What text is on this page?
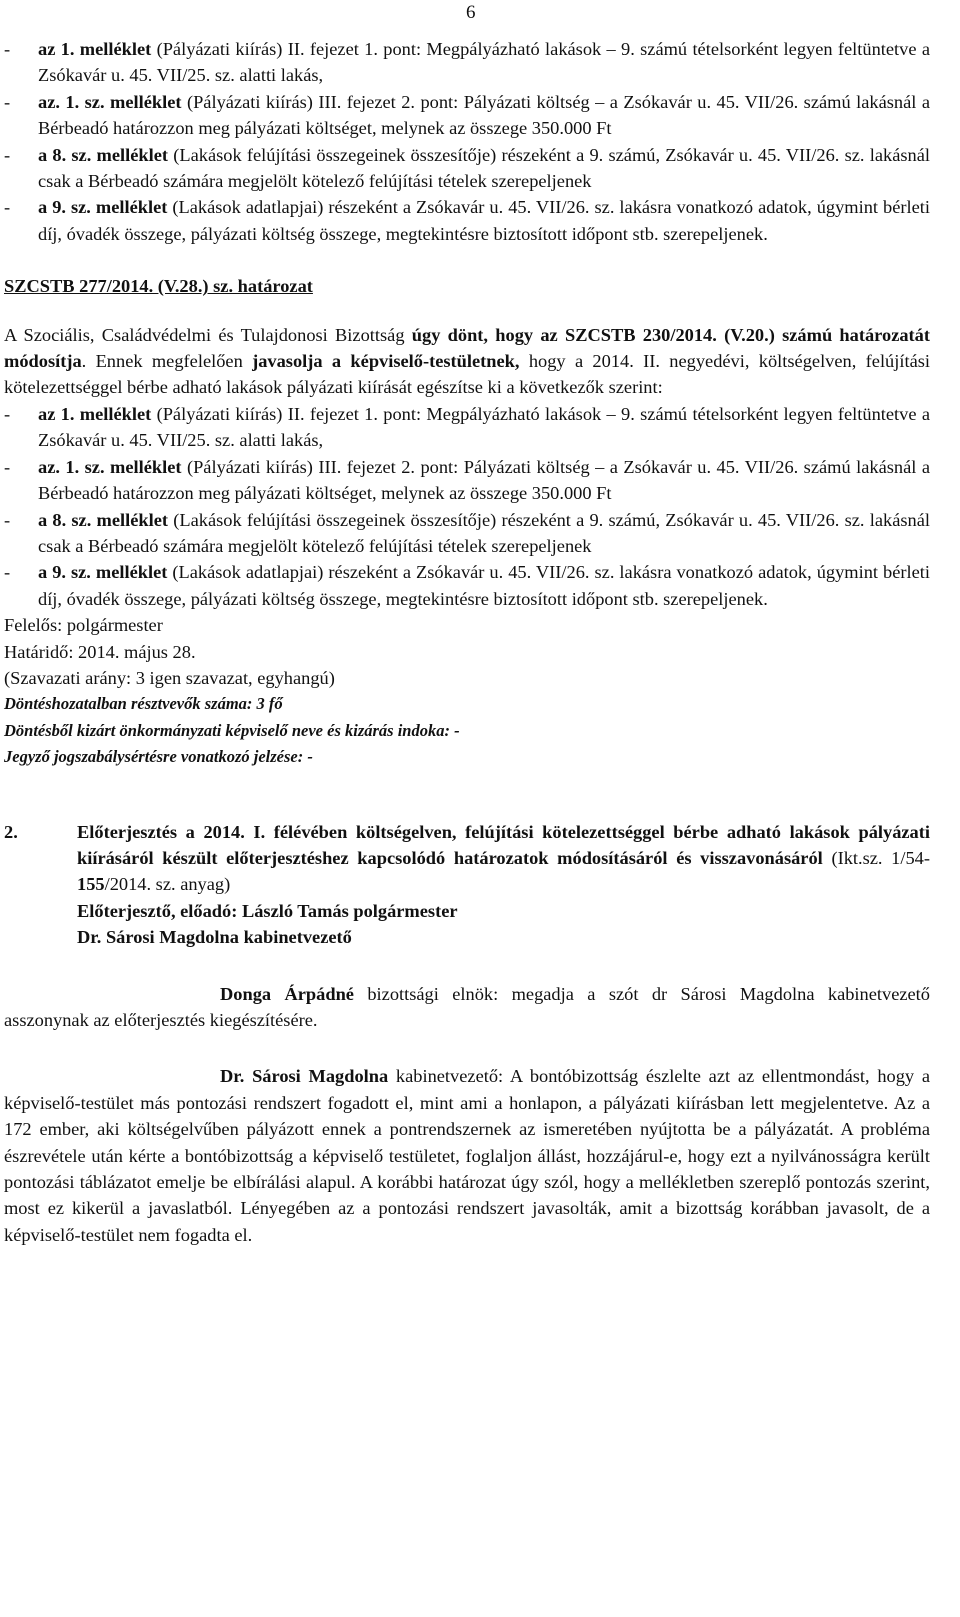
6

- az 1. melléklet (Pályázati kiírás) II. fejezet 1. pont: Megpályázható lakások – 9. számú tételsorként legyen feltüntetve a Zsókavár u. 45. VII/25. sz. alatti lakás,

- az. 1. sz. melléklet (Pályázati kiírás) III. fejezet 2. pont: Pályázati költség – a Zsókavár u. 45. VII/26. számú lakásnál a Bérbeadó határozzon meg pályázati költséget, melynek az összege 350.000 Ft

- a 8. sz. melléklet (Lakások felújítási összegeinek összesítője) részeként a 9. számú, Zsókavár u. 45. VII/26. sz. lakásnál csak a Bérbeadó számára megjelölt kötelező felújítási tételek szerepeljenek

- a 9. sz. melléklet (Lakások adatlapjai) részeként a Zsókavár u. 45. VII/26. sz. lakásra vonatkozó adatok, úgymint bérleti díj, óvadék összege, pályázati költség összege, megtekintésre biztosított időpont stb. szerepeljenek.

SZCSTB 277/2014. (V.28.) sz. határozat

A Szociális, Családvédelmi és Tulajdonosi Bizottság úgy dönt, hogy az SZCSTB 230/2014. (V.20.) számú határozatát módosítja. Ennek megfelelően javasolja a képviselő-testületnek, hogy a 2014. II. negyedévi, költségelven, felújítási kötelezettséggel bérbe adható lakások pályázati kiírását egészítse ki a következők szerint:

- az 1. melléklet (Pályázati kiírás) II. fejezet 1. pont: Megpályázható lakások – 9. számú tételsorként legyen feltüntetve a Zsókavár u. 45. VII/25. sz. alatti lakás,

- az. 1. sz. melléklet (Pályázati kiírás) III. fejezet 2. pont: Pályázati költség – a Zsókavár u. 45. VII/26. számú lakásnál a Bérbeadó határozzon meg pályázati költséget, melynek az összege 350.000 Ft

- a 8. sz. melléklet (Lakások felújítási összegeinek összesítője) részeként a 9. számú, Zsókavár u. 45. VII/26. sz. lakásnál csak a Bérbeadó számára megjelölt kötelező felújítási tételek szerepeljenek

- a 9. sz. melléklet (Lakások adatlapjai) részeként a Zsókavár u. 45. VII/26. sz. lakásra vonatkozó adatok, úgymint bérleti díj, óvadék összege, pályázati költség összege, megtekintésre biztosított időpont stb. szerepeljenek.

Felelős: polgármester

Határidő: 2014. május 28.

(Szavazati arány: 3 igen szavazat, egyhangú)

Döntéshozatalban résztvevők száma: 3 fő

Döntésből kizárt önkormányzati képviselő neve és kizárás indoka: -

Jegyző jogszabálysértésre vonatkozó jelzése: -

2.	Előterjesztés a 2014. I. félévében költségelven, felújítási kötelezettséggel bérbe adható lakások pályázati kiírásáról készült előterjesztéshez kapcsolódó határozatok módosításáról és visszavonásáról (Ikt.sz. 1/54-155/2014. sz. anyag)

Előterjesztő, előadó: László Tamás polgármester

Dr. Sárosi Magdolna kabinetvezető

Donga Árpádné bizottsági elnök: megadja a szót dr Sárosi Magdolna kabinetvezető asszonynak az előterjesztés kiegészítésére.

Dr. Sárosi Magdolna kabinetvezető: A bontóbizottság észlelte azt az ellentmondást, hogy a képviselő-testület más pontozási rendszert fogadott el, mint ami a honlapon, a pályázati kiírásban lett megjelentetve. Az a 172 ember, aki költségelvűben pályázott ennek a pontrendszernek az ismeretében nyújtotta be a pályázatát. A probléma észrevétele után kérte a bontóbizottság a képviselő testületet, foglaljon állást, hozzájárul-e, hogy ezt a nyilvánosságra került pontozási táblázatot emelje be elbírálási alapul. A korábbi határozat úgy szól, hogy a mellékletben szereplő pontozás szerint, most ez kikerül a javaslatból. Lényegében az a pontozási rendszert javasolták, amit a bizottság korábban javasolt, de a képviselő-testület nem fogadta el.
